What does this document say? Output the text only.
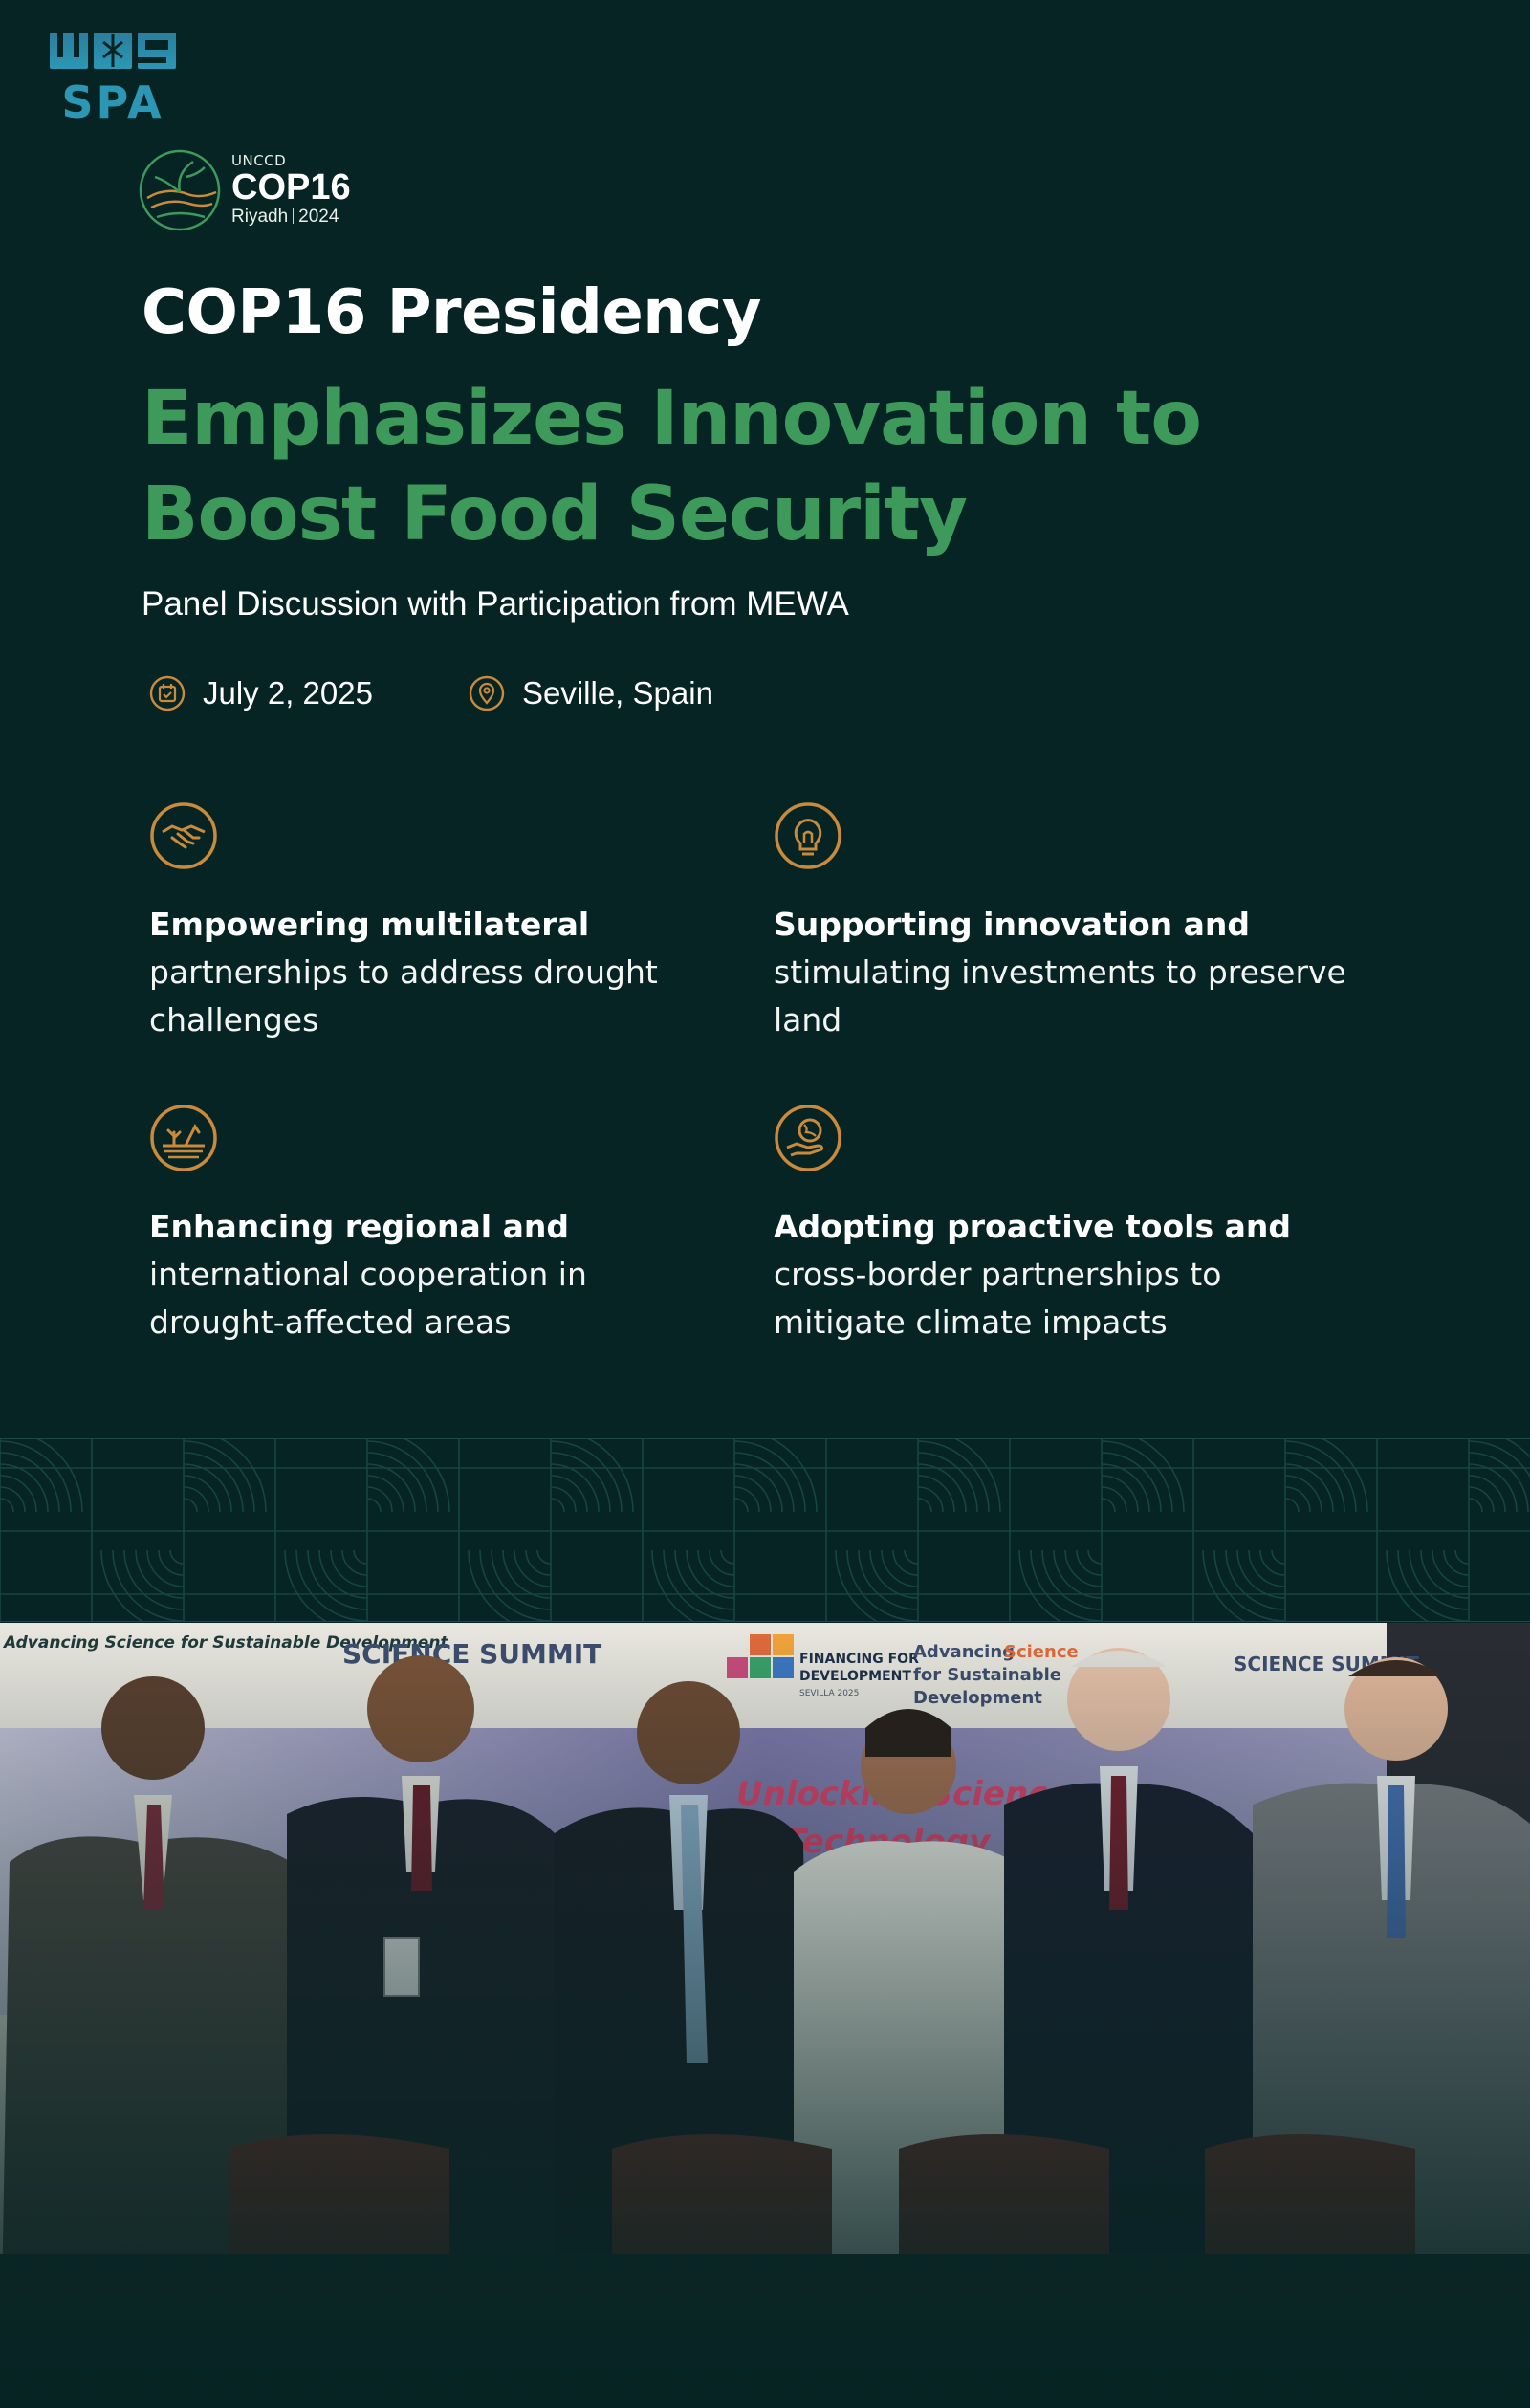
SPA
UNCCD
COP16
Riyadh 2024
COP16 Presidency
Emphasizes Innovation to Boost Food Security

Panel Discussion with Participation from MEWA

July 2, 2025	Seville, Spain

Empowering multilateral
partnerships to address drought challenges

Supporting innovation and
stimulating investments to preserve land

Enhancing regional and
international cooperation in drought-affected areas

Adopting proactive tools and
cross-border partnerships to mitigate climate impacts
